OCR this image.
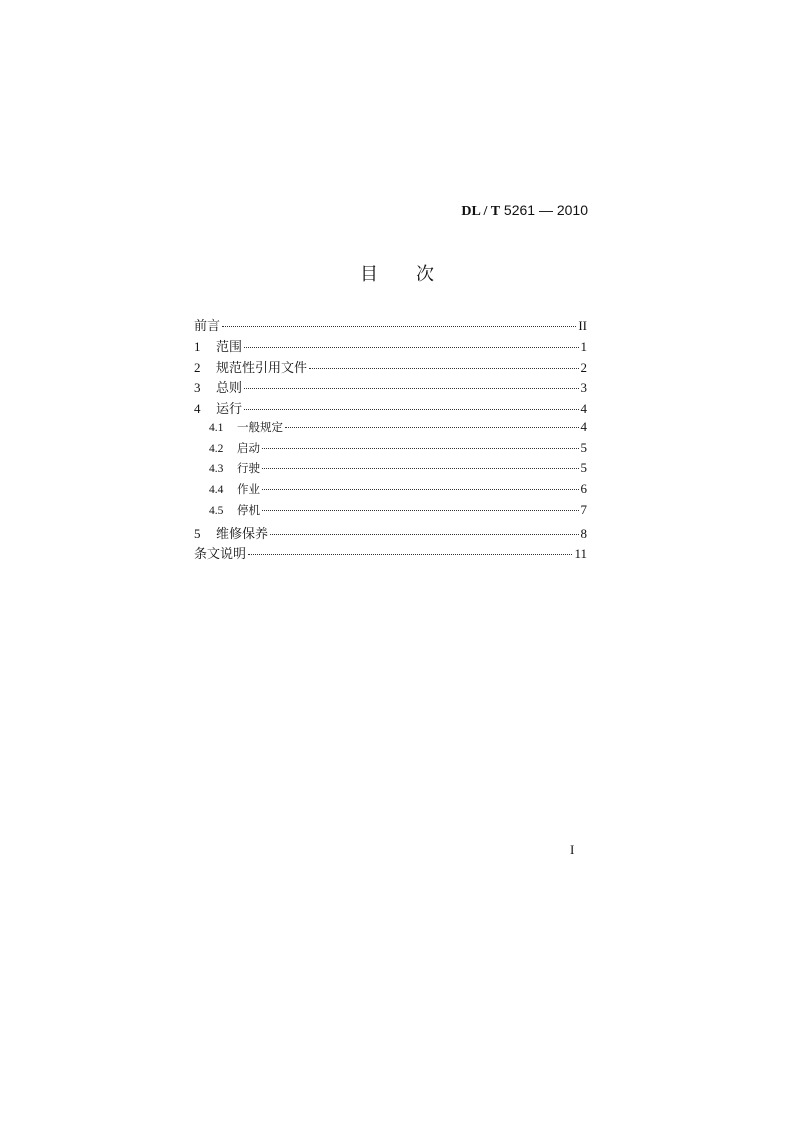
DL / T 5261 — 2010
目次
前言	II
1	范围	1
2	规范性引用文件	2
3	总则	3
4	运行	4
4.1	一般规定	4
4.2	启动	5
4.3	行驶	5
4.4	作业	6
4.5	停机	7
5	维修保养	8
条文说明	11
I
